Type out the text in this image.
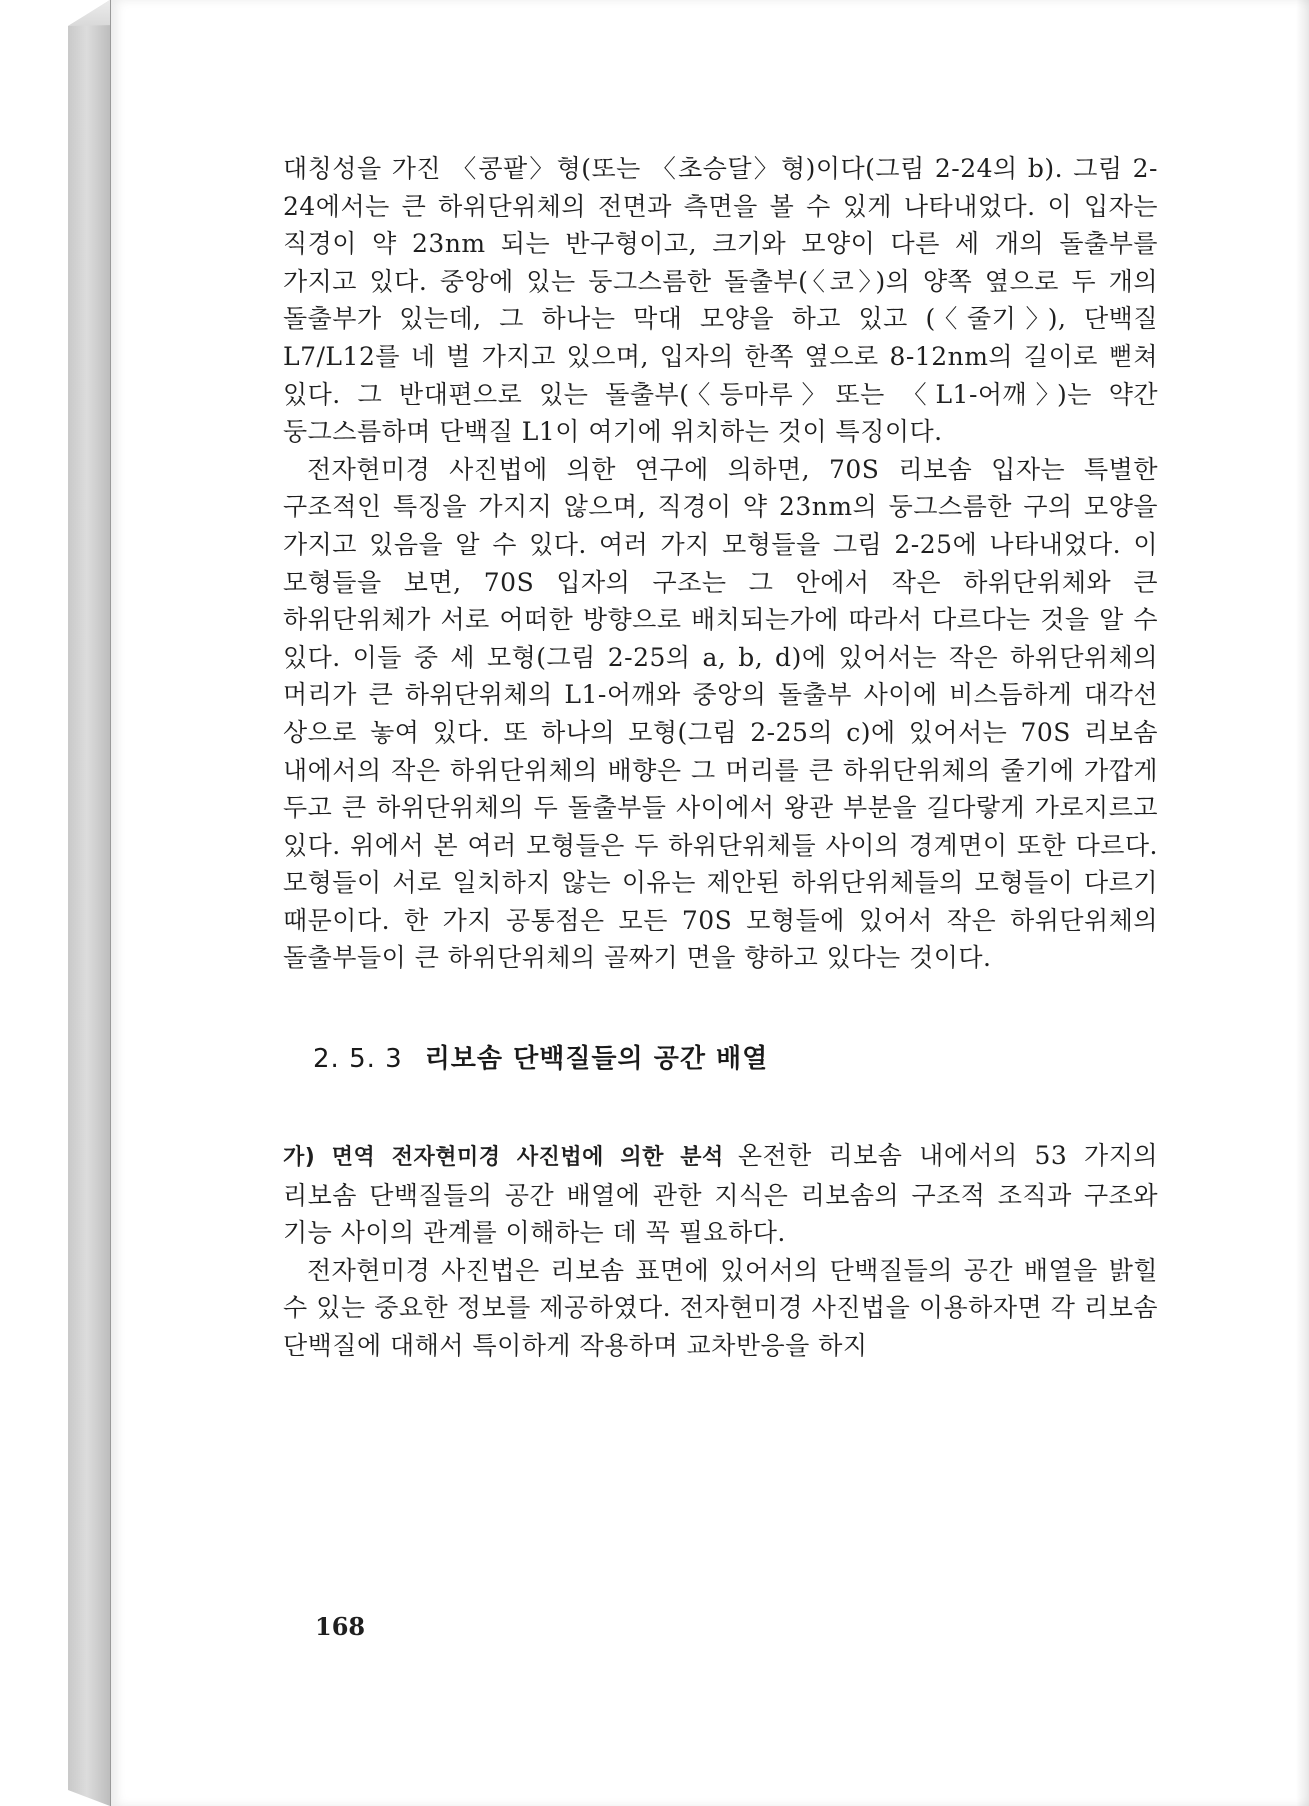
대칭성을 가진 〈콩팥〉형(또는 〈초승달〉형)이다(그림 2-24의 b). 그림 2-24에서는 큰 하위단위체의 전면과 측면을 볼 수 있게 나타내었다. 이 입자는 직경이 약 23nm 되는 반구형이고, 크기와 모양이 다른 세 개의 돌출부를 가지고 있다. 중앙에 있는 둥그스름한 돌출부(〈코〉)의 양쪽 옆으로 두 개의 돌출부가 있는데, 그 하나는 막대 모양을 하고 있고 (〈줄기〉), 단백질 L7/L12를 네 벌 가지고 있으며, 입자의 한쪽 옆으로 8-12nm의 길이로 뻗쳐 있다. 그 반대편으로 있는 돌출부(〈등마루〉또는 〈L1-어깨〉)는 약간 둥그스름하며 단백질 L1이 여기에 위치하는 것이 특징이다.

전자현미경 사진법에 의한 연구에 의하면, 70S 리보솜 입자는 특별한 구조적인 특징을 가지지 않으며, 직경이 약 23nm의 둥그스름한 구의 모양을 가지고 있음을 알 수 있다. 여러 가지 모형들을 그림 2-25에 나타내었다. 이 모형들을 보면, 70S 입자의 구조는 그 안에서 작은 하위단위체와 큰 하위단위체가 서로 어떠한 방향으로 배치되는가에 따라서 다르다는 것을 알 수 있다. 이들 중 세 모형(그림 2-25의 a, b, d)에 있어서는 작은 하위단위체의 머리가 큰 하위단위체의 L1-어깨와 중앙의 돌출부 사이에 비스듬하게 대각선 상으로 놓여 있다. 또 하나의 모형(그림 2-25의 c)에 있어서는 70S 리보솜 내에서의 작은 하위단위체의 배향은 그 머리를 큰 하위단위체의 줄기에 가깝게 두고 큰 하위단위체의 두 돌출부들 사이에서 왕관 부분을 길다랗게 가로지르고 있다. 위에서 본 여러 모형들은 두 하위단위체들 사이의 경계면이 또한 다르다. 모형들이 서로 일치하지 않는 이유는 제안된 하위단위체들의 모형들이 다르기 때문이다. 한 가지 공통점은 모든 70S 모형들에 있어서 작은 하위단위체의 돌출부들이 큰 하위단위체의 골짜기 면을 향하고 있다는 것이다.

2. 5. 3 리보솜 단백질들의 공간 배열

가) 면역 전자현미경 사진법에 의한 분석 온전한 리보솜 내에서의 53 가지의 리보솜 단백질들의 공간 배열에 관한 지식은 리보솜의 구조적 조직과 구조와 기능 사이의 관계를 이해하는 데 꼭 필요하다.

전자현미경 사진법은 리보솜 표면에 있어서의 단백질들의 공간 배열을 밝힐 수 있는 중요한 정보를 제공하였다. 전자현미경 사진법을 이용하자면 각 리보솜 단백질에 대해서 특이하게 작용하며 교차반응을 하지

168
